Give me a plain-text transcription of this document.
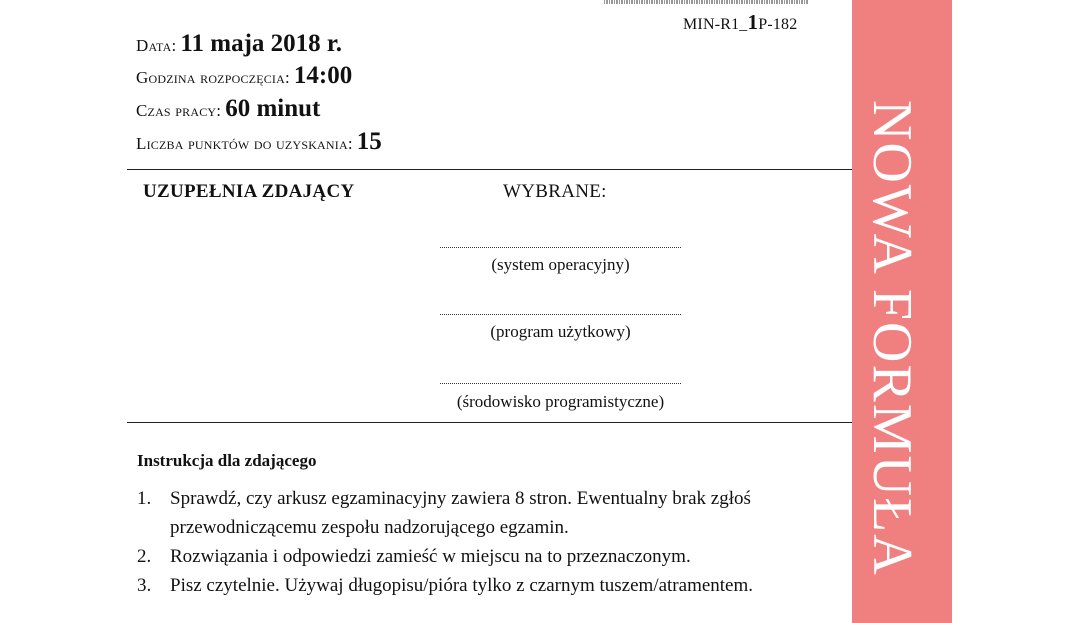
MIN-R1_1P-182
Data: 11 maja 2018 r.
Godzina rozpoczęcia: 14:00
Czas pracy: 60 minut
Liczba punktów do uzyskania: 15
UZUPEŁNIA ZDAJĄCY	WYBRANE:
(system operacyjny)
(program użytkowy)
(środowisko programistyczne)
Instrukcja dla zdającego
1. Sprawdź, czy arkusz egzaminacyjny zawiera 8 stron. Ewentualny brak zgłoś przewodniczącemu zespołu nadzorującego egzamin.
2. Rozwiązania i odpowiedzi zamieść w miejscu na to przeznaczonym.
3. Pisz czytelnie. Używaj długopisu/pióra tylko z czarnym tuszem/atramentem.
NOWA FORMUŁA
